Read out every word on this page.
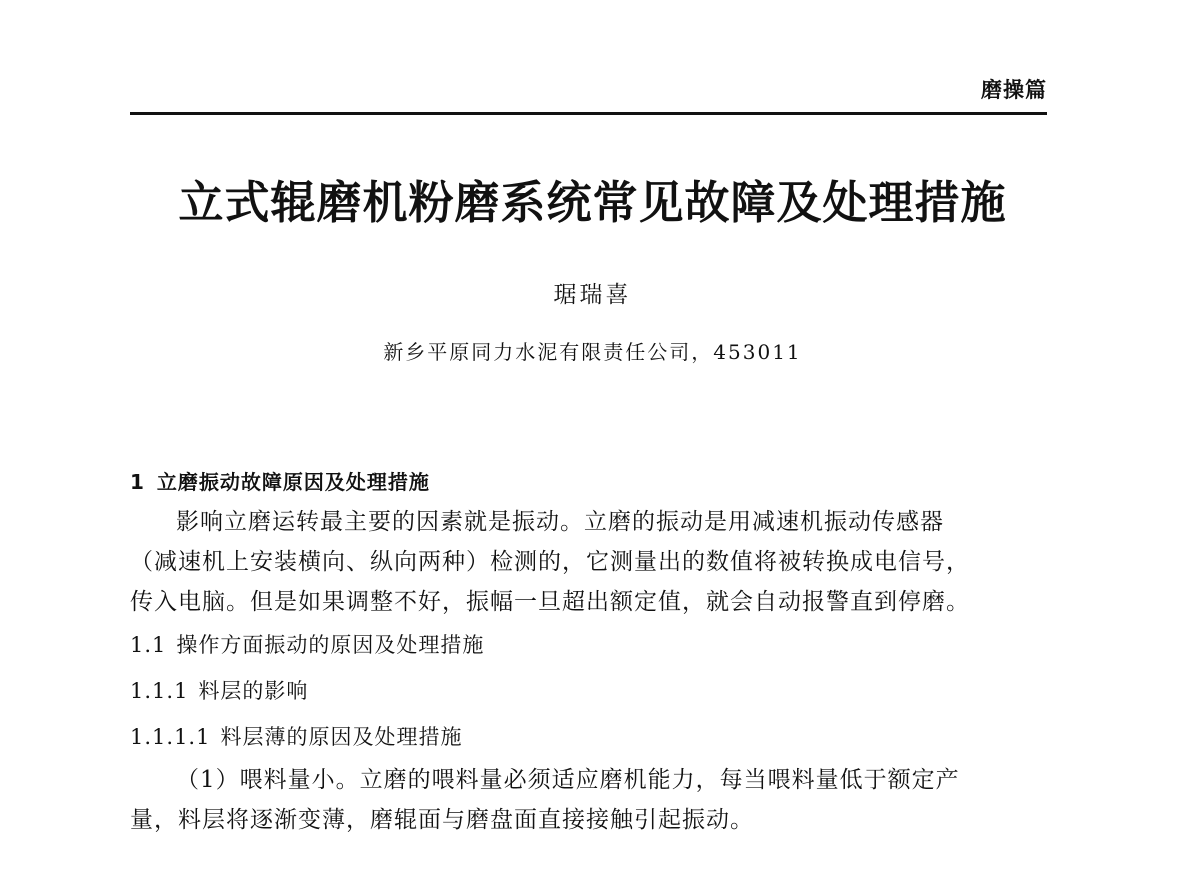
磨操篇
立式辊磨机粉磨系统常见故障及处理措施
琚瑞喜
新乡平原同力水泥有限责任公司，453011
1 立磨振动故障原因及处理措施
影响立磨运转最主要的因素就是振动。立磨的振动是用减速机振动传感器
（减速机上安装横向、纵向两种）检测的，它测量出的数值将被转换成电信号，
传入电脑。但是如果调整不好，振幅一旦超出额定值，就会自动报警直到停磨。
1.1 操作方面振动的原因及处理措施
1.1.1 料层的影响
1.1.1.1 料层薄的原因及处理措施
（1）喂料量小。立磨的喂料量必须适应磨机能力，每当喂料量低于额定产
量，料层将逐渐变薄，磨辊面与磨盘面直接接触引起振动。
